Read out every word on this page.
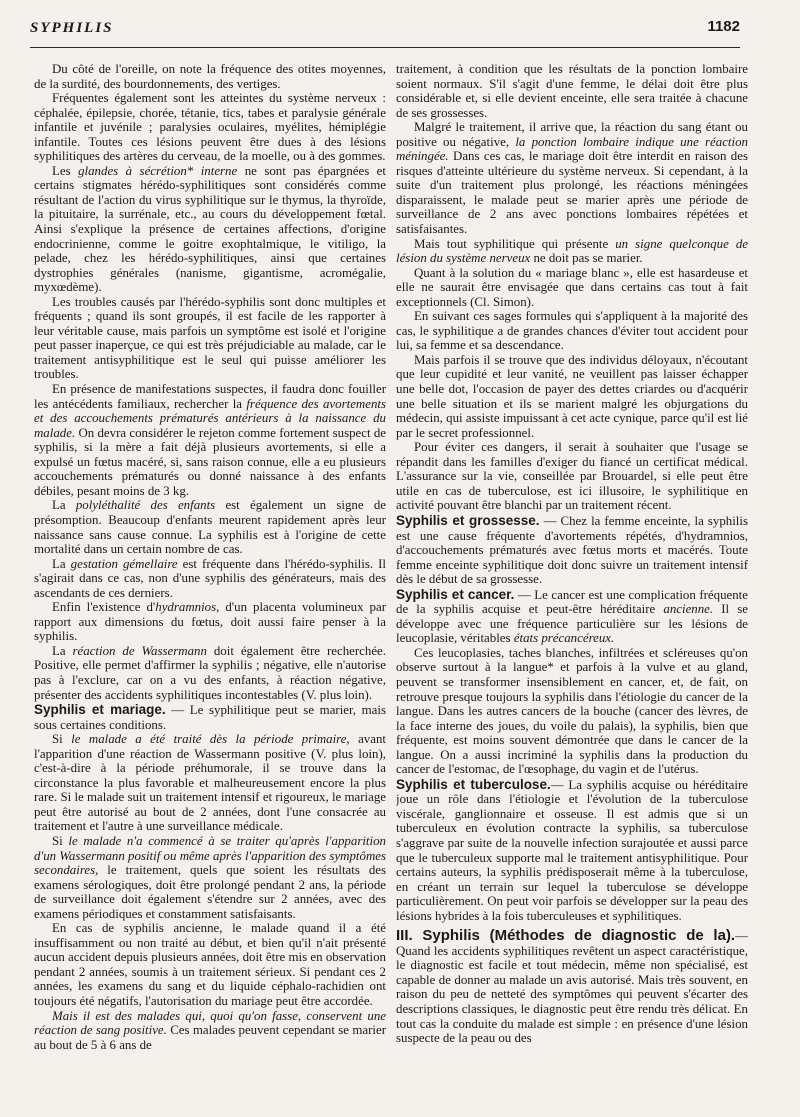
SYPHILIS	1182

Du côté de l'oreille, on note la fréquence des otites moyennes, de la surdité, des bourdonnements, des vertiges.

Fréquentes également sont les atteintes du système nerveux : céphalée, épilepsie, chorée, tétanie, tics, tabes et paralysie générale infantile et juvénile ; paralysies oculaires, myélites, hémiplégie infantile. Toutes ces lésions peuvent être dues à des lésions syphilitiques des artères du cerveau, de la moelle, ou à des gommes.

Les glandes à sécrétion* interne ne sont pas épargnées et certains stigmates hérédo-syphilitiques sont considérés comme résultant de l'action du virus syphilitique sur le thymus, la thyroïde, la pituitaire, la surrénale, etc., au cours du développement fœtal. Ainsi s'explique la présence de certaines affections, d'origine endocrinienne, comme le goitre exophtalmique, le vitiligo, la pelade, chez les hérédo-syphilitiques, ainsi que certaines dystrophies générales (nanisme, gigantisme, acromégalie, myxœdème).

Les troubles causés par l'hérédo-syphilis sont donc multiples et fréquents ; quand ils sont groupés, il est facile de les rapporter à leur véritable cause, mais parfois un symptôme est isolé et l'origine peut passer inaperçue, ce qui est très préjudiciable au malade, car le traitement antisyphilitique est le seul qui puisse améliorer les troubles.

En présence de manifestations suspectes, il faudra donc fouiller les antécédents familiaux, rechercher la fréquence des avortements et des accouchements prématurés antérieurs à la naissance du malade. On devra considérer le rejeton comme fortement suspect de syphilis, si la mère a fait déjà plusieurs avortements, si elle a expulsé un fœtus macéré, si, sans raison connue, elle a eu plusieurs accouchements prématurés ou donné naissance à des enfants débiles, pesant moins de 3 kg.

La polyléthalité des enfants est également un signe de présomption. Beaucoup d'enfants meurent rapidement après leur naissance sans cause connue. La syphilis est à l'origine de cette mortalité dans un certain nombre de cas.

La gestation gémellaire est fréquente dans l'hérédo-syphilis. Il s'agirait dans ce cas, non d'une syphilis des générateurs, mais des ascendants de ces derniers.

Enfin l'existence d'hydramnios, d'un placenta volumineux par rapport aux dimensions du fœtus, doit aussi faire penser à la syphilis.

La réaction de Wassermann doit également être recherchée. Positive, elle permet d'affirmer la syphilis ; négative, elle n'autorise pas à l'exclure, car on a vu des enfants, à réaction négative, présenter des accidents syphilitiques incontestables (V. plus loin).

Syphilis et mariage. — Le syphilitique peut se marier, mais sous certaines conditions.

Si le malade a été traité dès la période primaire, avant l'apparition d'une réaction de Wassermann positive (V. plus loin), c'est-à-dire à la période préhumorale, il se trouve dans la circonstance la plus favorable et malheureusement encore la plus rare. Si le malade suit un traitement intensif et rigoureux, le mariage peut être autorisé au bout de 2 années, dont l'une consacrée au traitement et l'autre à une surveillance médicale.

Si le malade n'a commencé à se traiter qu'après l'apparition d'un Wassermann positif ou même après l'apparition des symptômes secondaires, le traitement, quels que soient les résultats des examens sérologiques, doit être prolongé pendant 2 ans, la période de surveillance doit également s'étendre sur 2 années, avec des examens périodiques et constamment satisfaisants.

En cas de syphilis ancienne, le malade quand il a été insuffisamment ou non traité au début, et bien qu'il n'ait présenté aucun accident depuis plusieurs années, doit être mis en observation pendant 2 années, soumis à un traitement sérieux. Si pendant ces 2 années, les examens du sang et du liquide céphalo-rachidien ont toujours été négatifs, l'autorisation du mariage peut être accordée.

Mais il est des malades qui, quoi qu'on fasse, conservent une réaction de sang positive. Ces malades peuvent cependant se marier au bout de 5 à 6 ans de

traitement, à condition que les résultats de la ponction lombaire soient normaux. S'il s'agit d'une femme, le délai doit être plus considérable et, si elle devient enceinte, elle sera traitée à chacune de ses grossesses.

Malgré le traitement, il arrive que, la réaction du sang étant ou positive ou négative, la ponction lombaire indique une réaction méningée. Dans ces cas, le mariage doit être interdit en raison des risques d'atteinte ultérieure du système nerveux. Si cependant, à la suite d'un traitement plus prolongé, les réactions méningées disparaissent, le malade peut se marier après une période de surveillance de 2 ans avec ponctions lombaires répétées et satisfaisantes.

Mais tout syphilitique qui présente un signe quelconque de lésion du système nerveux ne doit pas se marier.

Quant à la solution du « mariage blanc », elle est hasardeuse et elle ne saurait être envisagée que dans certains cas tout à fait exceptionnels (Cl. Simon).

En suivant ces sages formules qui s'appliquent à la majorité des cas, le syphilitique a de grandes chances d'éviter tout accident pour lui, sa femme et sa descendance.

Mais parfois il se trouve que des individus déloyaux, n'écoutant que leur cupidité et leur vanité, ne veuillent pas laisser échapper une belle dot, l'occasion de payer des dettes criardes ou d'acquérir une belle situation et ils se marient malgré les objurgations du médecin, qui assiste impuissant à cet acte cynique, parce qu'il est lié par le secret professionnel.

Pour éviter ces dangers, il serait à souhaiter que l'usage se répandit dans les familles d'exiger du fiancé un certificat médical. L'assurance sur la vie, conseillée par Brouardel, si elle peut être utile en cas de tuberculose, est ici illusoire, le syphilitique en activité pouvant être blanchi par un traitement récent.

Syphilis et grossesse. — Chez la femme enceinte, la syphilis est une cause fréquente d'avortements répétés, d'hydramnios, d'accouchements prématurés avec fœtus morts et macérés. Toute femme enceinte syphilitique doit donc suivre un traitement intensif dès le début de sa grossesse.

Syphilis et cancer. — Le cancer est une complication fréquente de la syphilis acquise et peut-être héréditaire ancienne. Il se développe avec une fréquence particulière sur les lésions de leucoplasie, véritables états précancéreux.

Ces leucoplasies, taches blanches, infiltrées et sclérеuses qu'on observe surtout à la langue* et parfois à la vulve et au gland, peuvent se transformer insensiblement en cancer, et, de fait, on retrouve presque toujours la syphilis dans l'étiologie du cancer de la langue. Dans les autres cancers de la bouche (cancer des lèvres, de la face interne des joues, du voile du palais), la syphilis, bien que fréquente, est moins souvent démontrée que dans le cancer de la langue. On a aussi incriminé la syphilis dans la production du cancer de l'estomac, de l'œsophage, du vagin et de l'utérus.

Syphilis et tuberculose.— La syphilis acquise ou héréditaire joue un rôle dans l'étiologie et l'évolution de la tuberculose viscérale, ganglionnaire et osseuse. Il est admis que si un tuberculeux en évolution contracte la syphilis, sa tuberculose s'aggrave par suite de la nouvelle infection surajoutée et aussi parce que le tuberculeux supporte mal le traitement antisyphilitique. Pour certains auteurs, la syphilis prédisposerait même à la tuberculose, en créant un terrain sur lequel la tuberculose se développe particulièrement. On peut voir parfois se développer sur la peau des lésions hybrides à la fois tuberculeuses et syphilitiques.

III. Syphilis (Méthodes de diagnostic de la).— Quand les accidents syphilitiques revêtent un aspect caractéristique, le diagnostic est facile et tout médecin, même non spécialisé, est capable de donner au malade un avis autorisé. Mais très souvent, en raison du peu de netteté des symptômes qui peuvent s'écarter des descriptions classiques, le diagnostic peut être rendu très délicat. En tout cas la conduite du malade est simple : en présence d'une lésion suspecte de la peau ou des
